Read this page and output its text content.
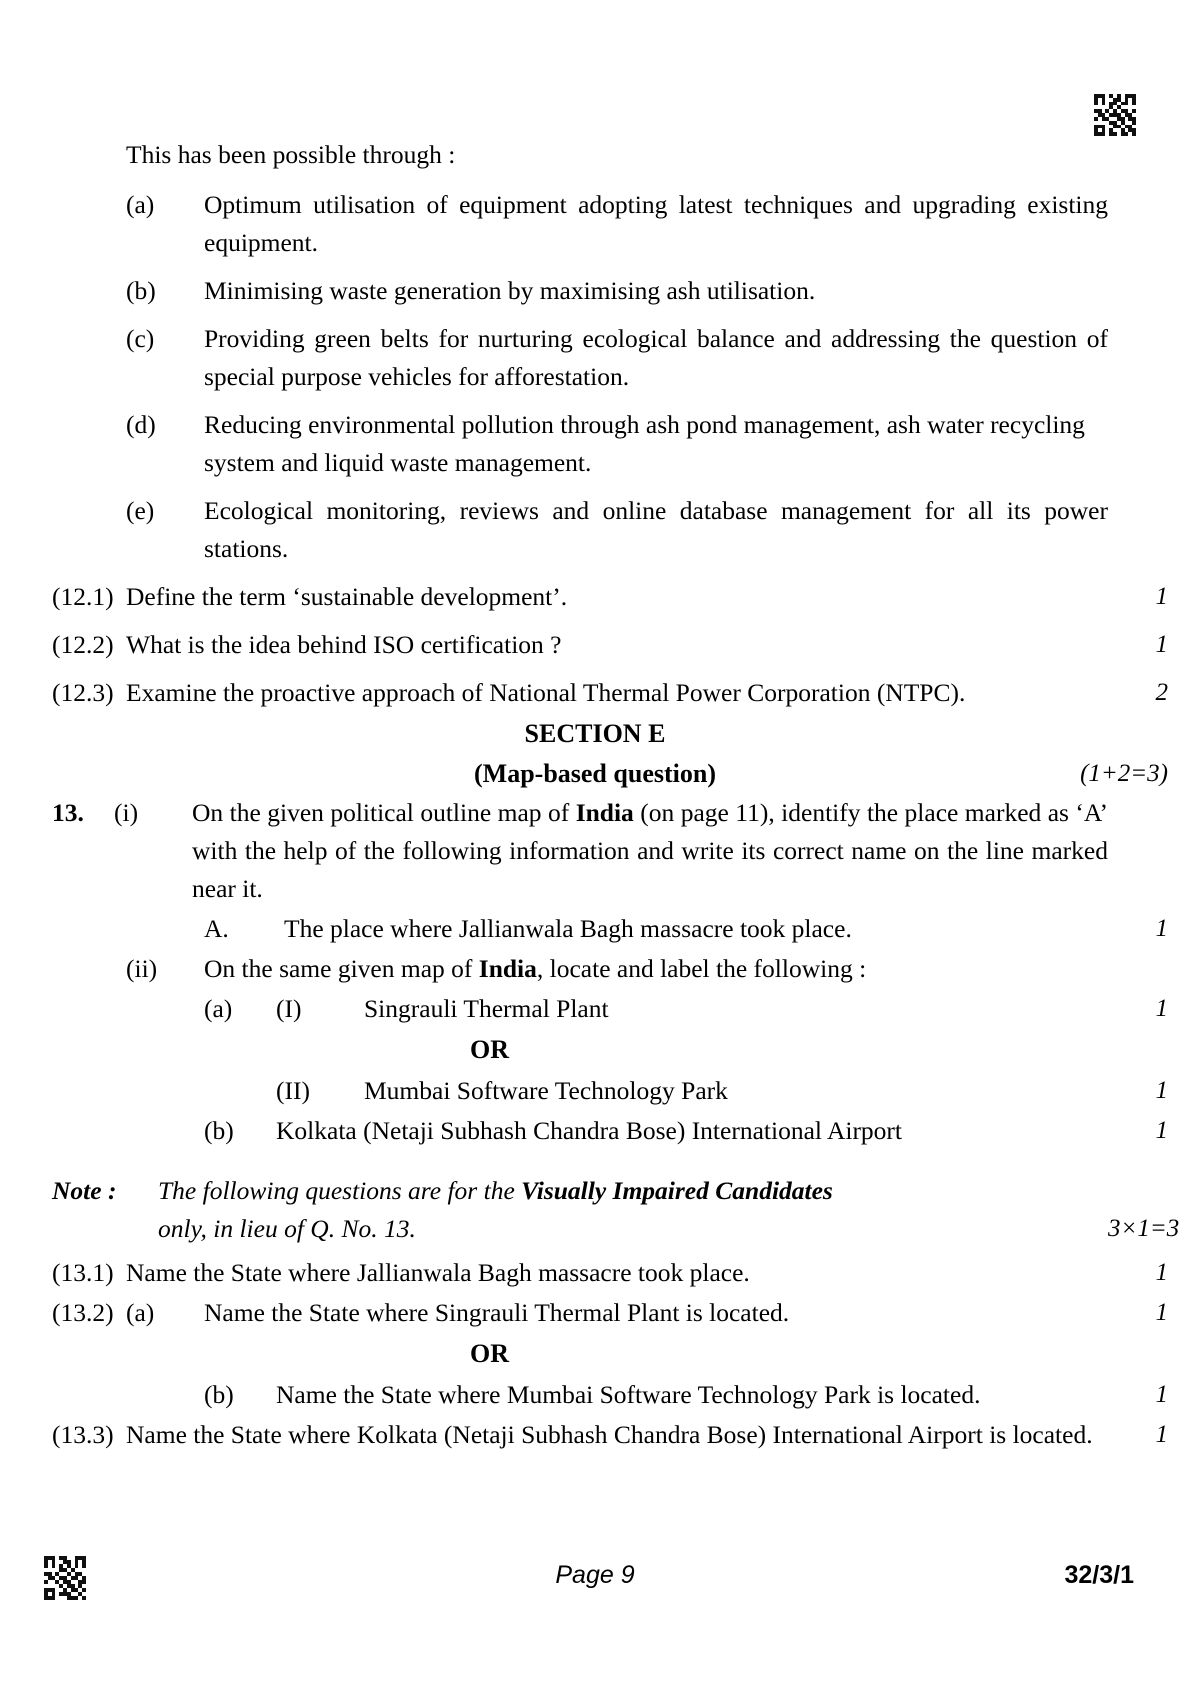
This has been possible through :
(a)	Optimum utilisation of equipment adopting latest techniques and upgrading existing equipment.
(b)	Minimising waste generation by maximising ash utilisation.
(c)	Providing green belts for nurturing ecological balance and addressing the question of special purpose vehicles for afforestation.
(d)	Reducing environmental pollution through ash pond management, ash water recycling system and liquid waste management.
(e)	Ecological monitoring, reviews and online database management for all its power stations.
(12.1) Define the term ‘sustainable development’.	1
(12.2) What is the idea behind ISO certification ?	1
(12.3) Examine the proactive approach of National Thermal Power Corporation (NTPC).	2
SECTION E
(Map-based question)	(1+2=3)
13.	(i)	On the given political outline map of India (on page 11), identify the place marked as ‘A’ with the help of the following information and write its correct name on the line marked near it.
A.	The place where Jallianwala Bagh massacre took place.	1
(ii)	On the same given map of India, locate and label the following :
(a)	(I)	Singrauli Thermal Plant	1
OR
(II)	Mumbai Software Technology Park	1
(b)	Kolkata (Netaji Subhash Chandra Bose) International Airport	1
Note :	The following questions are for the Visually Impaired Candidates
only, in lieu of Q. No. 13.	3×1=3
(13.1) Name the State where Jallianwala Bagh massacre took place.	1
(13.2) (a)	Name the State where Singrauli Thermal Plant is located.	1
OR
(b)	Name the State where Mumbai Software Technology Park is located.	1
(13.3) Name the State where Kolkata (Netaji Subhash Chandra Bose) International Airport is located.	1
Page 9	32/3/1
